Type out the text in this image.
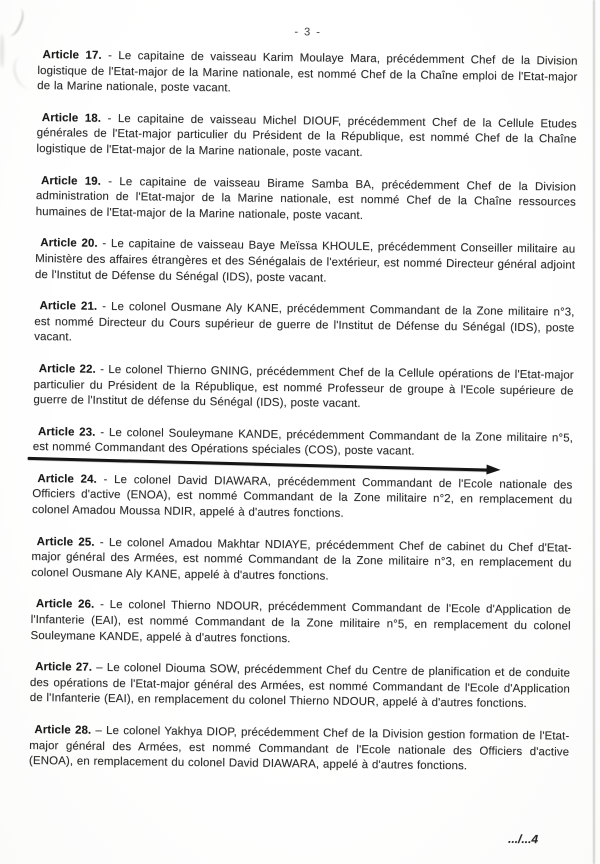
- 3 -

Article 17. - Le capitaine de vaisseau Karim Moulaye Mara, précédemment Chef de la Division logistique de l'Etat-major de la Marine nationale, est nommé Chef de la Chaîne emploi de l'Etat-major de la Marine nationale, poste vacant.

Article 18. - Le capitaine de vaisseau Michel DIOUF, précédemment Chef de la Cellule Etudes générales de l'Etat-major particulier du Président de la République, est nommé Chef de la Chaîne logistique de l'Etat-major de la Marine nationale, poste vacant.

Article 19. - Le capitaine de vaisseau Birame Samba BA, précédemment Chef de la Division administration de l'Etat-major de la Marine nationale, est nommé Chef de la Chaîne ressources humaines de l'Etat-major de la Marine nationale, poste vacant.

Article 20. - Le capitaine de vaisseau Baye Meïssa KHOULE, précédemment Conseiller militaire au Ministère des affaires étrangères et des Sénégalais de l'extérieur, est nommé Directeur général adjoint de l'Institut de Défense du Sénégal (IDS), poste vacant.

Article 21. - Le colonel Ousmane Aly KANE, précédemment Commandant de la Zone militaire n°3, est nommé Directeur du Cours supérieur de guerre de l'Institut de Défense du Sénégal (IDS), poste vacant.

Article 22. - Le colonel Thierno GNING, précédemment Chef de la Cellule opérations de l'Etat-major particulier du Président de la République, est nommé Professeur de groupe à l'Ecole supérieure de guerre de l'Institut de défense du Sénégal (IDS), poste vacant.

Article 23. - Le colonel Souleymane KANDE, précédemment Commandant de la Zone militaire n°5, est nommé Commandant des Opérations spéciales (COS), poste vacant.

Article 24. - Le colonel David DIAWARA, précédemment Commandant de l'Ecole nationale des Officiers d'active (ENOA), est nommé Commandant de la Zone militaire n°2, en remplacement du colonel Amadou Moussa NDIR, appelé à d'autres fonctions.

Article 25. - Le colonel Amadou Makhtar NDIAYE, précédemment Chef de cabinet du Chef d'Etat-major général des Armées, est nommé Commandant de la Zone militaire n°3, en remplacement du colonel Ousmane Aly KANE, appelé à d'autres fonctions.

Article 26. - Le colonel Thierno NDOUR, précédemment Commandant de l'Ecole d'Application de l'Infanterie (EAI), est nommé Commandant de la Zone militaire n°5, en remplacement du colonel Souleymane KANDE, appelé à d'autres fonctions.

Article 27. – Le colonel Diouma SOW, précédemment Chef du Centre de planification et de conduite des opérations de l'Etat-major général des Armées, est nommé Commandant de l'Ecole d'Application de l'Infanterie (EAI), en remplacement du colonel Thierno NDOUR, appelé à d'autres fonctions.

Article 28. – Le colonel Yakhya DIOP, précédemment Chef de la Division gestion formation de l'Etat-major général des Armées, est nommé Commandant de l'Ecole nationale des Officiers d'active (ENOA), en remplacement du colonel David DIAWARA, appelé à d'autres fonctions.

.../...4
